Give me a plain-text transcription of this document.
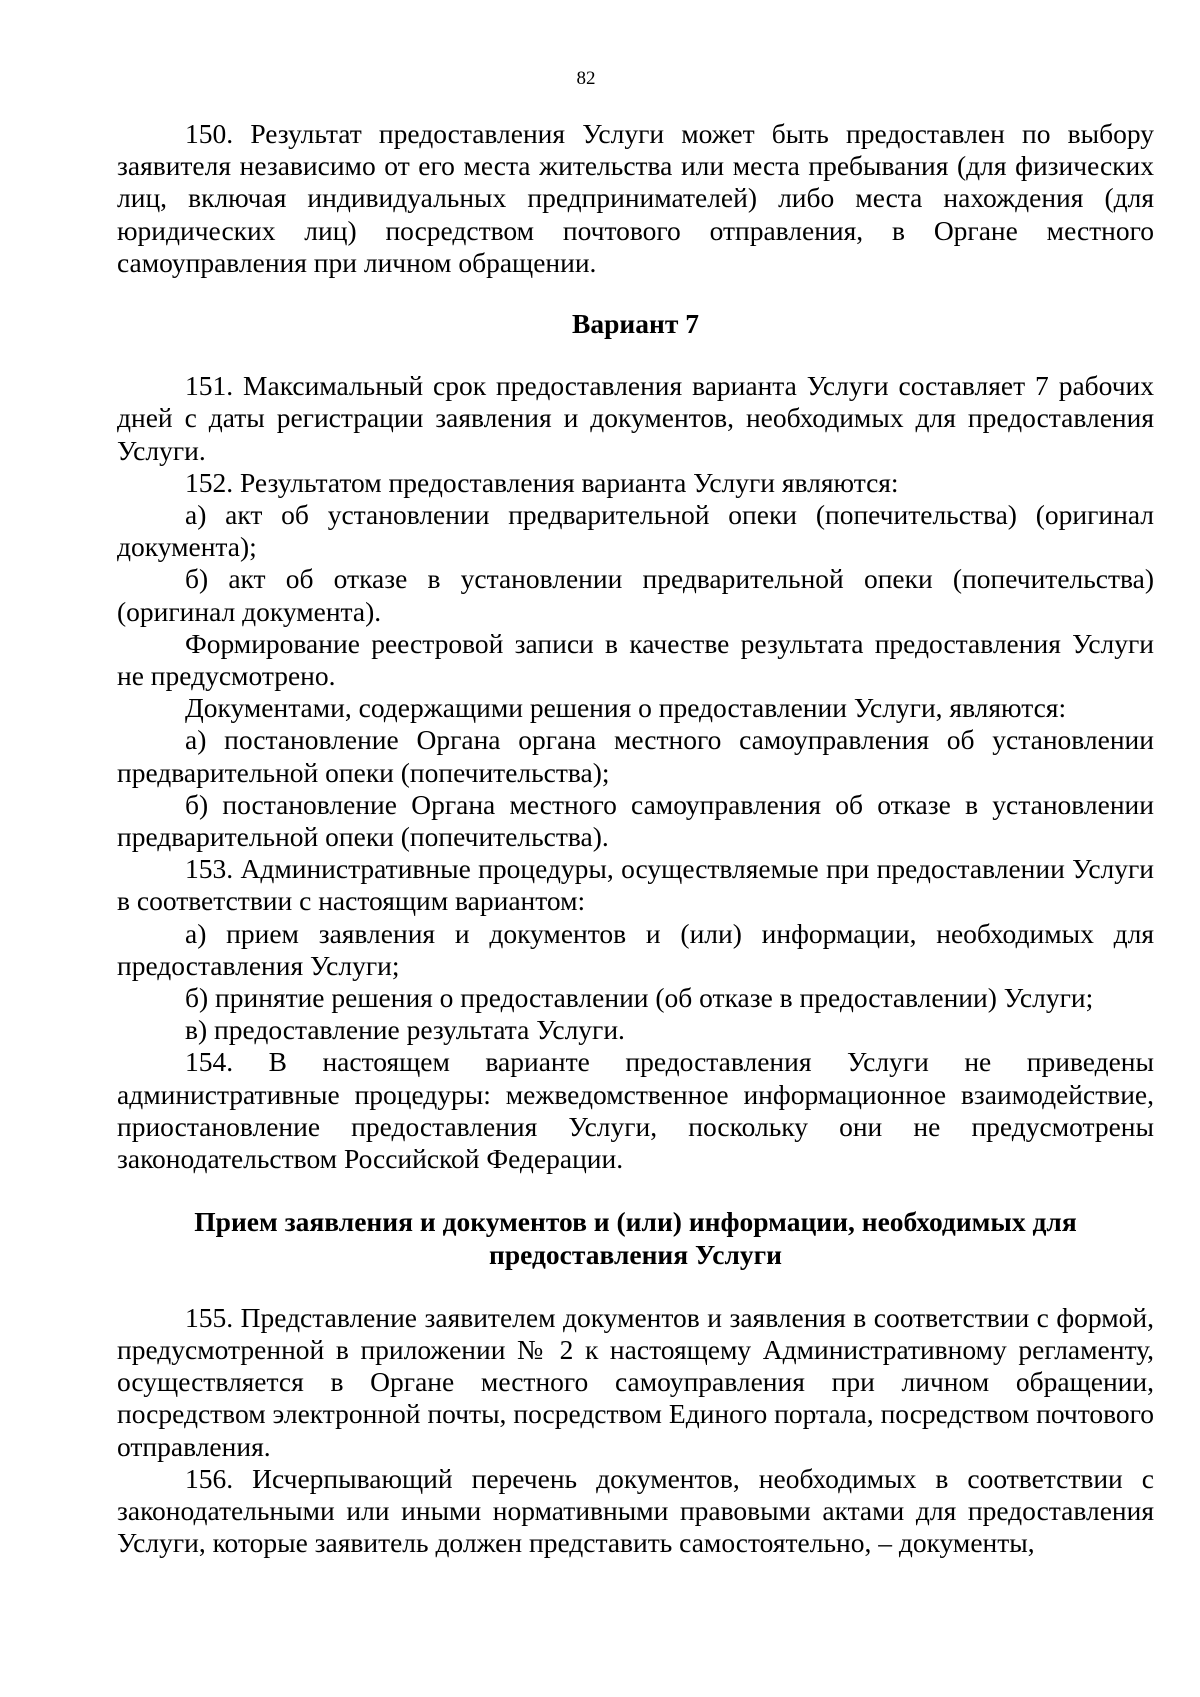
82

150. Результат предоставления Услуги может быть предоставлен по выбору заявителя независимо от его места жительства или места пребывания (для физических лиц, включая индивидуальных предпринимателей) либо места нахождения (для юридических лиц) посредством почтового отправления, в Органе местного самоуправления при личном обращении.

Вариант 7

151. Максимальный срок предоставления варианта Услуги составляет 7 рабочих дней с даты регистрации заявления и документов, необходимых для предоставления Услуги.

152. Результатом предоставления варианта Услуги являются:

а) акт об установлении предварительной опеки (попечительства) (оригинал документа);

б) акт об отказе в установлении предварительной опеки (попечительства) (оригинал документа).

Формирование реестровой записи в качестве результата предоставления Услуги не предусмотрено.

Документами, содержащими решения о предоставлении Услуги, являются:

а) постановление Органа органа местного самоуправления об установлении предварительной опеки (попечительства);

б) постановление Органа местного самоуправления об отказе в установлении предварительной опеки (попечительства).

153. Административные процедуры, осуществляемые при предоставлении Услуги в соответствии с настоящим вариантом:

а) прием заявления и документов и (или) информации, необходимых для предоставления Услуги;

б) принятие решения о предоставлении (об отказе в предоставлении) Услуги;

в) предоставление результата Услуги.

154. В настоящем варианте предоставления Услуги не приведены административные процедуры: межведомственное информационное взаимодействие, приостановление предоставления Услуги, поскольку они не предусмотрены законодательством Российской Федерации.

Прием заявления и документов и (или) информации, необходимых для
предоставления Услуги

155. Представление заявителем документов и заявления в соответствии с формой, предусмотренной в приложении № 2 к настоящему Административному регламенту, осуществляется в Органе местного самоуправления при личном обращении, посредством электронной почты, посредством Единого портала, посредством почтового отправления.

156. Исчерпывающий перечень документов, необходимых в соответствии с законодательными или иными нормативными правовыми актами для предоставления Услуги, которые заявитель должен представить самостоятельно, – документы,
